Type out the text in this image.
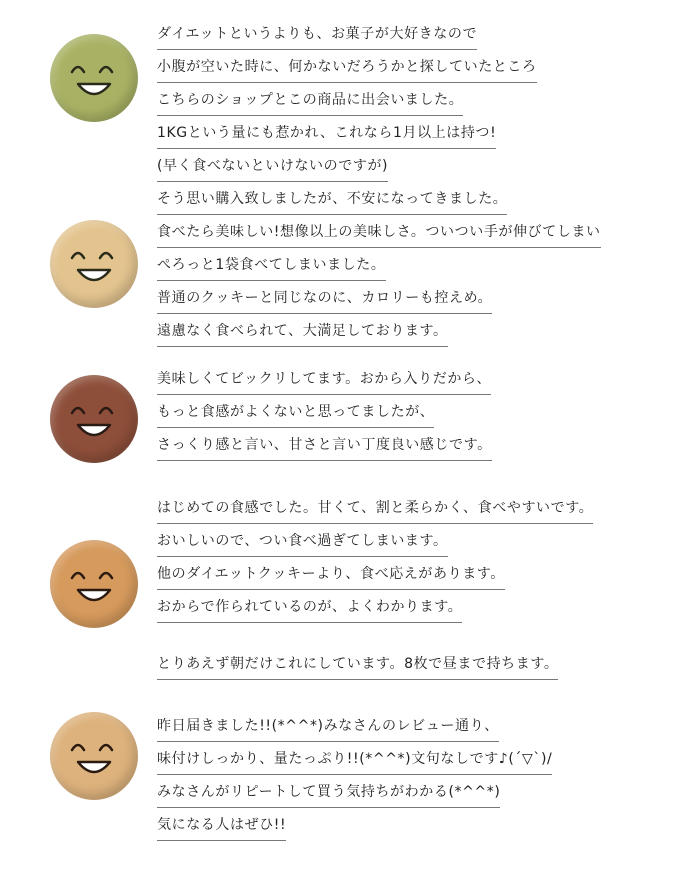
ダイエットというよりも、お菓子が大好きなので
小腹が空いた時に、何かないだろうかと探していたところ
こちらのショップとこの商品に出会いました。
1KGという量にも惹かれ、これなら1月以上は持つ!
(早く食べないといけないのですが)
そう思い購入致しましたが、不安になってきました。
食べたら美味しい!想像以上の美味しさ。ついつい手が伸びてしまい
ぺろっと1袋食べてしまいました。
普通のクッキーと同じなのに、カロリーも控えめ。
遠慮なく食べられて、大満足しております。
美味しくてビックリしてます。おから入りだから、
もっと食感がよくないと思ってましたが、
さっくり感と言い、甘さと言い丁度良い感じです。
はじめての食感でした。甘くて、割と柔らかく、食べやすいです。
おいしいので、つい食べ過ぎてしまいます。
他のダイエットクッキーより、食べ応えがあります。
おからで作られているのが、よくわかります。
とりあえず朝だけこれにしています。8枚で昼まで持ちます。
昨日届きました!!(*^^*)みなさんのレビュー通り、
味付けしっかり、量たっぷり!!(*^^*)文句なしです♪(´▽`)/
みなさんがリピートして買う気持ちがわかる(*^^*)
気になる人はぜひ!!
